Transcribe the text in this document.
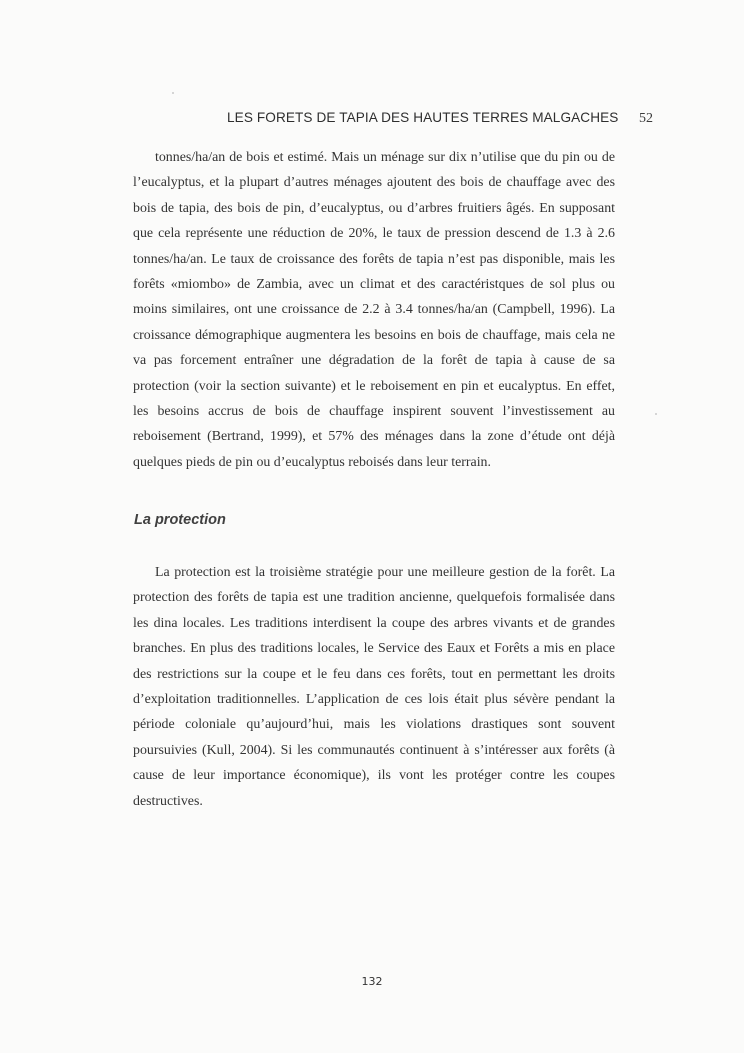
LES FORETS DE TAPIA DES HAUTES TERRES MALGACHES 52

tonnes/ha/an de bois et estimé. Mais un ménage sur dix n’utilise que du pin ou de l’eucalyptus, et la plupart d’autres ménages ajoutent des bois de chauffage avec des bois de tapia, des bois de pin, d’eucalyptus, ou d’arbres fruitiers âgés. En supposant que cela représente une réduction de 20%, le taux de pression descend de 1.3 à 2.6 tonnes/ha/an. Le taux de croissance des forêts de tapia n’est pas disponible, mais les forêts «miombo» de Zambia, avec un climat et des caractéristques de sol plus ou moins similaires, ont une croissance de 2.2 à 3.4 tonnes/ha/an (Campbell, 1996). La croissance démographique augmentera les besoins en bois de chauffage, mais cela ne va pas forcement entraîner une dégradation de la forêt de tapia à cause de sa protection (voir la section suivante) et le reboisement en pin et eucalyptus. En effet, les besoins accrus de bois de chauffage inspirent souvent l’investissement au reboisement (Bertrand, 1999), et 57% des ménages dans la zone d’étude ont déjà quelques pieds de pin ou d’eucalyptus reboisés dans leur terrain.

La protection

La protection est la troisième stratégie pour une meilleure gestion de la forêt. La protection des forêts de tapia est une tradition ancienne, quelquefois formalisée dans les dina locales. Les traditions interdisent la coupe des arbres vivants et de grandes branches. En plus des traditions locales, le Service des Eaux et Forêts a mis en place des restrictions sur la coupe et le feu dans ces forêts, tout en permettant les droits d’exploitation traditionnelles. L’application de ces lois était plus sévère pendant la période coloniale qu’aujourd’hui, mais les violations drastiques sont souvent poursuivies (Kull, 2004). Si les communautés continuent à s’intéresser aux forêts (à cause de leur importance économique), ils vont les protéger contre les coupes destructives.

132
